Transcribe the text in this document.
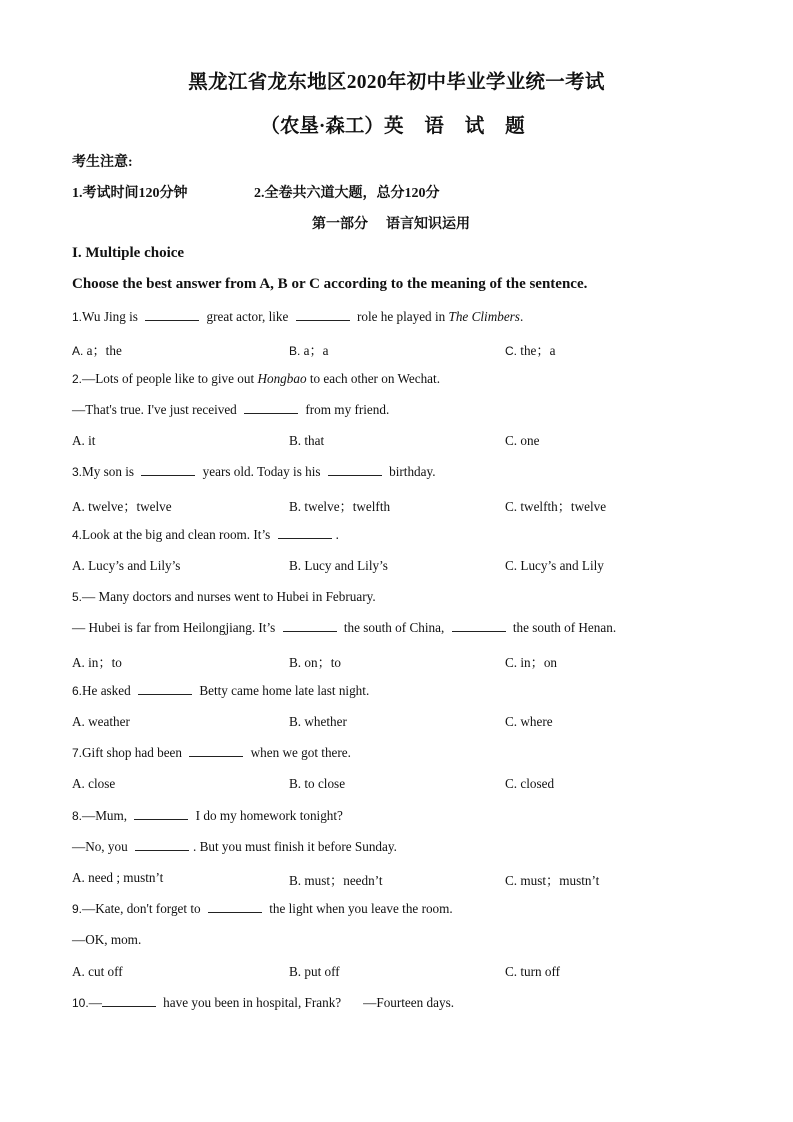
黑龙江省龙东地区2020年初中毕业学业统一考试
（农垦·森工）英 语 试 题
考生注意:
1.考试时间120分钟	2.全卷共六道大题，总分120分
第一部分 语言知识运用
I. Multiple choice
Choose the best answer from A, B or C according to the meaning of the sentence.
1.Wu Jing is	great actor, like	role he played in The Climbers.
A. a；the	B. a；a	C. the；a
2.—Lots of people like to give out Hongbao to each other on Wechat.
—That's true. I've just received	from my friend.
A. it	B. that	C. one
3.My son is	years old. Today is his	birthday.
A. twelve；twelve	B. twelve；twelfth	C. twelfth；twelve
4.Look at the big and clean room. It’s	.
A. Lucy’s and Lily’s	B. Lucy and Lily’s	C. Lucy’s and Lily
5.— Many doctors and nurses went to Hubei in February.
— Hubei is far from Heilongjiang. It’s	the south of China,	the south of Henan.
A. in；to	B. on；to	C. in；on
6.He asked	Betty came home late last night.
A. weather	B. whether	C. where
7.Gift shop had been	when we got there.
A. close	B. to close	C. closed
8.—Mum,	I do my homework tonight?
—No, you	. But you must finish it before Sunday.
A. need ; mustn’t	B. must；needn’t	C. must；mustn’t
9.—Kate, don't forget to	the light when you leave the room.
—OK, mom.
A. cut off	B. put off	C. turn off
10.—	have you been in hospital, Frank? —Fourteen days.
